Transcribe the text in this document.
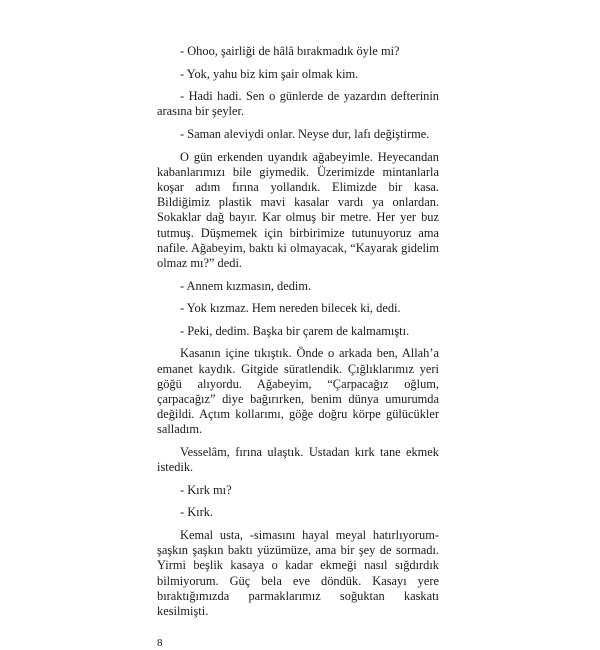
- Ohoo, şairliği de hâlâ bırakmadık öyle mi?

- Yok, yahu biz kim şair olmak kim.

- Hadi hadi. Sen o günlerde de yazardın defterinin arasına bir şeyler.

- Saman aleviydi onlar. Neyse dur, lafı değiştirme.

O gün erkenden uyandık ağabeyimle. Heyecandan kabanlarımızı bile giymedik. Üzerimizde mintanlarla koşar adım fırına yollandık. Elimizde bir kasa. Bildiğimiz plastik mavi kasalar vardı ya onlardan. Sokaklar dağ bayır. Kar olmuş bir metre. Her yer buz tutmuş. Düşmemek için birbirimize tutunuyoruz ama nafile. Ağabeyim, baktı ki olmayacak, “Kayarak gidelim olmaz mı?” dedi.

- Annem kızmasın, dedim.

- Yok kızmaz. Hem nereden bilecek ki, dedi.

- Peki, dedim. Başka bir çarem de kalmamıştı.

Kasanın içine tıkıştık. Önde o arkada ben, Allah’a emanet kaydık. Gitgide süratlendik. Çığlıklarımız yeri göğü alıyordu. Ağabeyim, “Çarpacağız oğlum, çarpacağız” diye bağırırken, benim dünya umurumda değildi. Açtım kollarımı, göğe doğru körpe gülücükler salladım.

Vesselâm, fırına ulaştık. Ustadan kırk tane ekmek istedik.

- Kırk mı?

- Kırk.

Kemal usta, -simasını hayal meyal hatırlıyorum- şaşkın şaşkın baktı yüzümüze, ama bir şey de sormadı. Yirmi beşlik kasaya o kadar ekmeği nasıl sığdırdık bilmiyorum. Güç bela eve döndük. Kasayı yere bıraktığımızda parmaklarımız soğuktan kaskatı kesilmişti.

8
